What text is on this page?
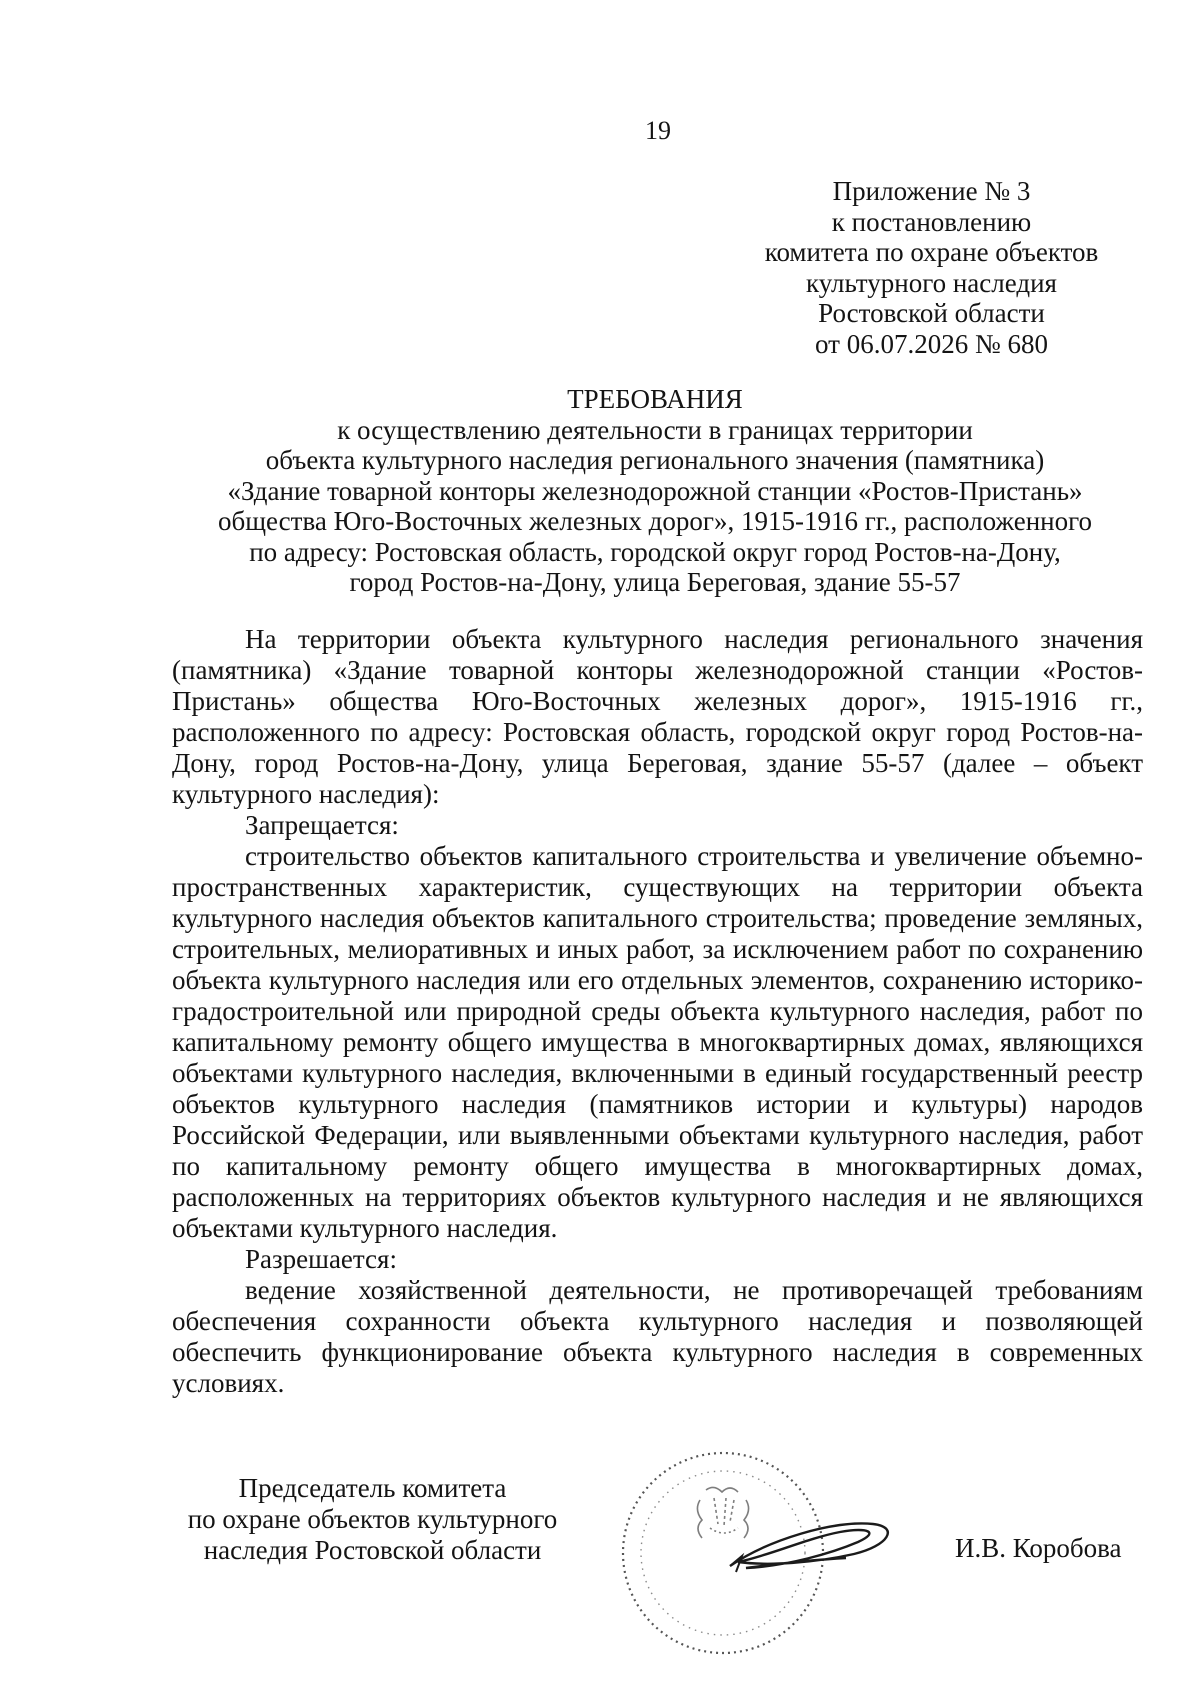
19
Приложение № 3
к постановлению
комитета по охране объектов
культурного наследия
Ростовской области
от 06.07.2026 № 680
ТРЕБОВАНИЯ
к осуществлению деятельности в границах территории
объекта культурного наследия регионального значения (памятника)
«Здание товарной конторы железнодорожной станции «Ростов-Пристань»
общества Юго-Восточных железных дорог», 1915-1916 гг., расположенного
по адресу: Ростовская область, городской округ город Ростов-на-Дону,
город Ростов-на-Дону, улица Береговая, здание 55-57

На территории объекта культурного наследия регионального значения (памятника) «Здание товарной конторы железнодорожной станции «Ростов-Пристань» общества Юго-Восточных железных дорог», 1915-1916 гг., расположенного по адресу: Ростовская область, городской округ город Ростов-на-Дону, город Ростов-на-Дону, улица Береговая, здание 55-57 (далее – объект культурного наследия):

Запрещается:

строительство объектов капитального строительства и увеличение объемно-пространственных характеристик, существующих на территории объекта культурного наследия объектов капитального строительства; проведение земляных, строительных, мелиоративных и иных работ, за исключением работ по сохранению объекта культурного наследия или его отдельных элементов, сохранению историко-градостроительной или природной среды объекта культурного наследия, работ по капитальному ремонту общего имущества в многоквартирных домах, являющихся объектами культурного наследия, включенными в единый государственный реестр объектов культурного наследия (памятников истории и культуры) народов Российской Федерации, или выявленными объектами культурного наследия, работ по капитальному ремонту общего имущества в многоквартирных домах, расположенных на территориях объектов культурного наследия и не являющихся объектами культурного наследия.

Разрешается:

ведение хозяйственной деятельности, не противоречащей требованиям обеспечения сохранности объекта культурного наследия и позволяющей обеспечить функционирование объекта культурного наследия в современных условиях.

Председатель комитета
по охране объектов культурного
наследия Ростовской области	И.В. Коробова
